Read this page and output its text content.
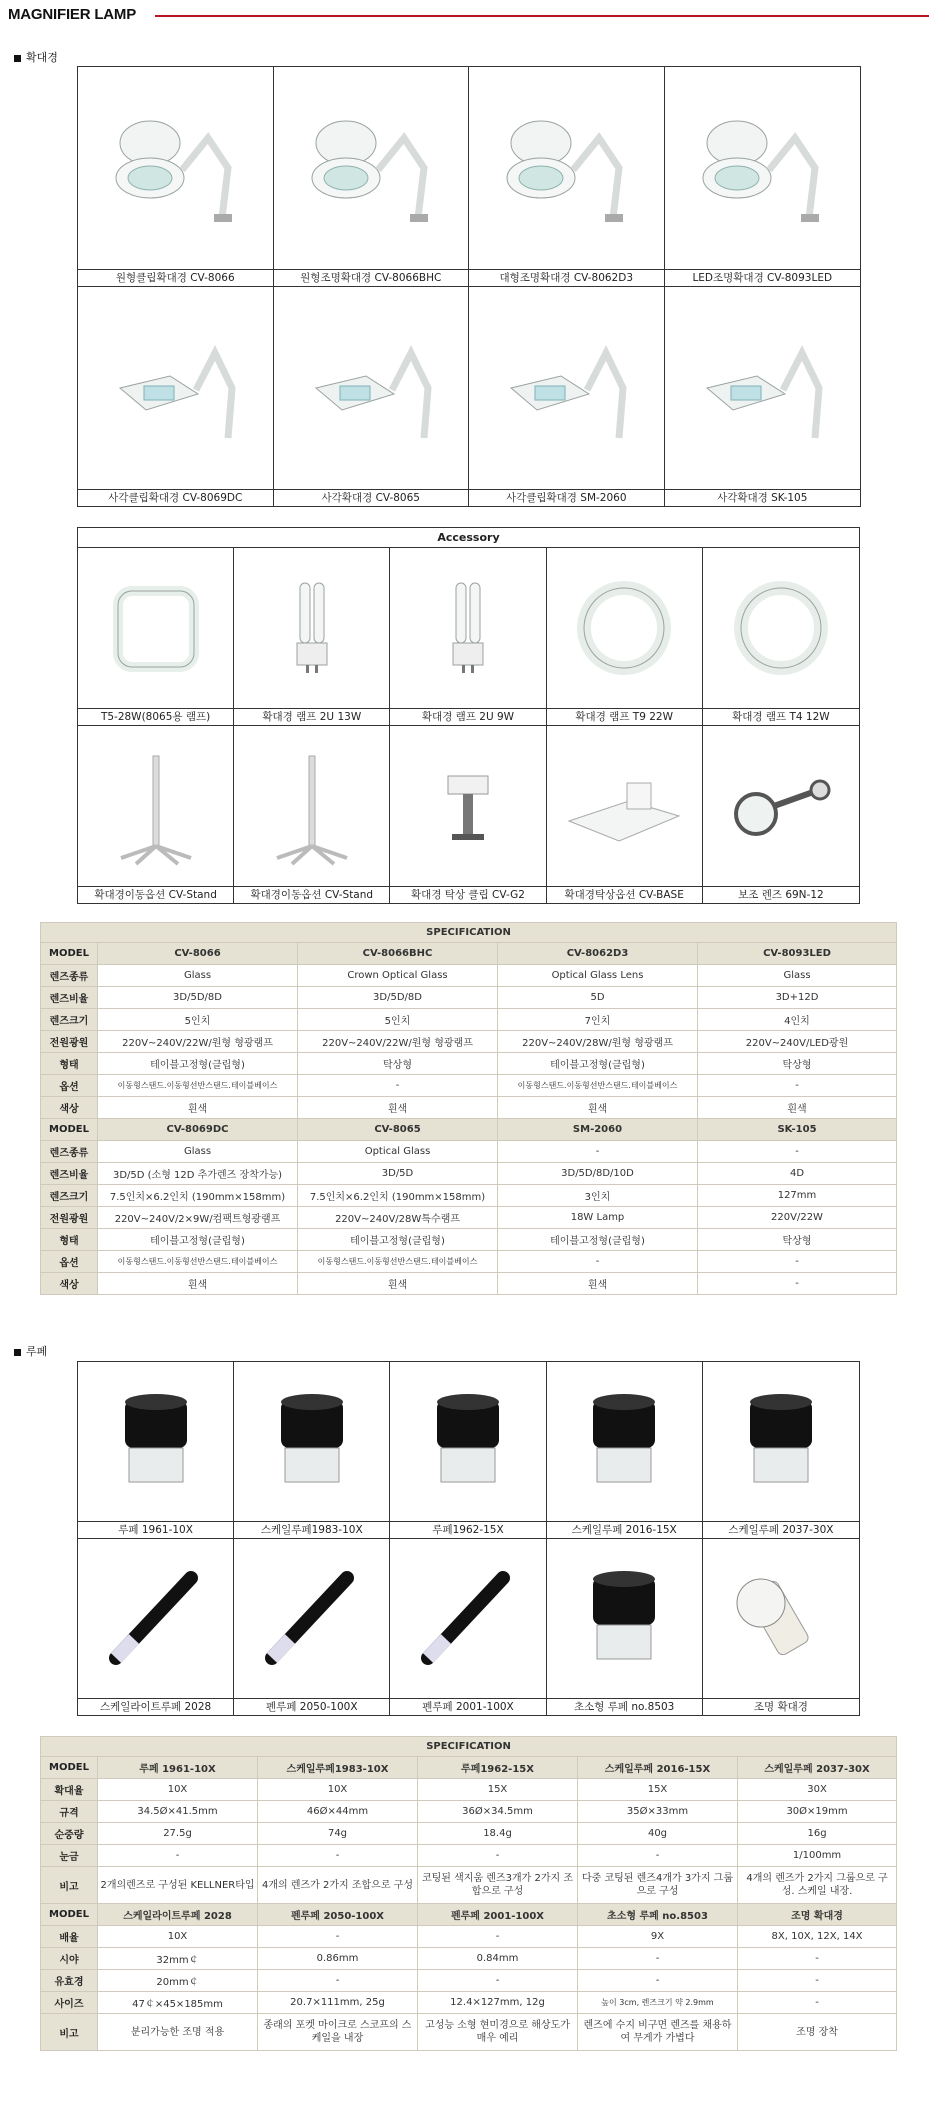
MAGNIFIER LAMP
확대경
원형클립확대경 CV-8066	원형조명확대경 CV-8066BHC	대형조명확대경 CV-8062D3	LED조명확대경 CV-8093LED
사각클립확대경 CV-8069DC	사각확대경 CV-8065	사각클립확대경 SM-2060	사각확대경 SK-105
Accessory
T5-28W(8065용 램프)	확대경 램프 2U 13W	확대경 램프 2U 9W	확대경 램프 T9 22W	확대경 램프 T4 12W
확대경이동옵션 CV-Stand	확대경이동옵션 CV-Stand	확대경 탁상 클립 CV-G2	확대경탁상옵션 CV-BASE	보조 렌즈 69N-12
SPECIFICATION				
MODEL	CV-8066	CV-8066BHC	CV-8062D3	CV-8093LED
렌즈종류	Glass	Crown Optical Glass	Optical Glass Lens	Glass
렌즈비율	3D/5D/8D	3D/5D/8D	5D	3D+12D
렌즈크기	5인치	5인치	7인치	4인치
전원광원	220V~240V/22W/원형 형광램프	220V~240V/22W/원형 형광램프	220V~240V/28W/원형 형광램프	220V~240V/LED광원
형태	테이블고정형(클립형)	탁상형	테이블고정형(클립형)	탁상형
옵션	이동형스탠드.이동형선반스탠드.테이블베이스	-	이동형스탠드.이동형선반스탠드.테이블베이스	-
색상	흰색	흰색	흰색	흰색
MODEL	CV-8069DC	CV-8065	SM-2060	SK-105
렌즈종류	Glass	Optical Glass	-	-
렌즈비율	3D/5D (소형 12D 추가렌즈 장착가능)	3D/5D	3D/5D/8D/10D	4D
렌즈크기	7.5인치×6.2인치 (190mm×158mm)	7.5인치×6.2인치 (190mm×158mm)	3인치	127mm
전원광원	220V~240V/2×9W/컴팩트형광램프	220V~240V/28W특수램프	18W Lamp	220V/22W
형태	테이블고정형(클립형)	테이블고정형(클립형)	테이블고정형(클립형)	탁상형
옵션	이동형스탠드.이동형선반스탠드.테이블베이스	이동형스탠드.이동형선반스탠드.테이블베이스	-	-
색상	흰색	흰색	흰색	-
루페
루페 1961-10X	스케일루페1983-10X	루페1962-15X	스케일루페 2016-15X	스케일루페 2037-30X
스케일라이트루페 2028	펜루페 2050-100X	펜루페 2001-100X	초소형 루페 no.8503	조명 확대경
SPECIFICATION					
MODEL	루페 1961-10X	스케일루페1983-10X	루페1962-15X	스케일루페 2016-15X	스케일루페 2037-30X
확대율	10X	10X	15X	15X	30X
규격	34.5Ø×41.5mm	46Ø×44mm	36Ø×34.5mm	35Ø×33mm	30Ø×19mm
순중량	27.5g	74g	18.4g	40g	16g
눈금	-	-	-	-	1/100mm
비고	2개의렌즈로 구성된 KELLNER타입	4개의 렌즈가 2가지 조합으로 구성	코팅된 색지움 렌즈3개가 2가지 조합으로 구성	다중 코팅된 렌즈4개가 3가지 그룹으로 구성	4개의 렌즈가 2가지 그룹으로 구성. 스케일 내장.
MODEL	스케일라이트루페 2028	펜루페 2050-100X	펜루페 2001-100X	초소형 루페 no.8503	조명 확대경
배율	10X	-	-	9X	8X, 10X, 12X, 14X
시야	32mm￠	0.86mm	0.84mm	-	-
유효경	20mm￠	-	-	-	-
사이즈	47￠×45×185mm	20.7×111mm, 25g	12.4×127mm, 12g	높이 3cm, 렌즈크기 약 2.9mm	-
비고	분리가능한 조명 적용	종래의 포켓 마이크로 스코프의 스케일을 내장	고성능 소형 현미경으로 해상도가 매우 예리	렌즈에 수지 비구면 렌즈를 채용하여 무게가 가볍다	조명 장착
